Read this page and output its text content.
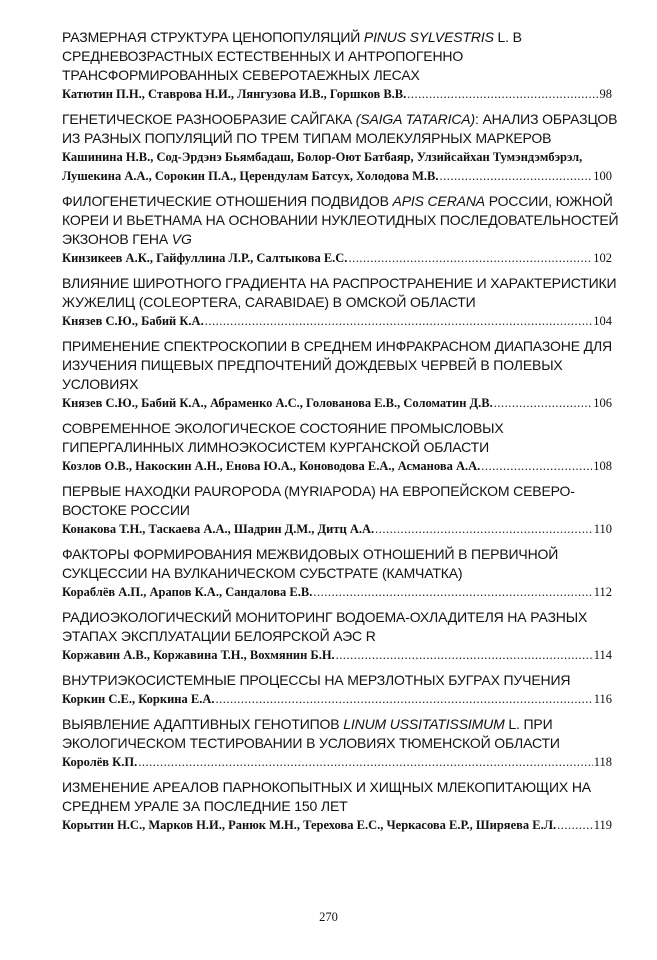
РАЗМЕРНАЯ СТРУКТУРА ЦЕНОПОПУЛЯЦИЙ PINUS SYLVESTRIS L. В
СРЕДНЕВОЗРАСТНЫХ ЕСТЕСТВЕННЫХ И АНТРОПОГЕННО
ТРАНСФОРМИРОВАННЫХ СЕВЕРОТАЕЖНЫХ ЛЕСАХ
Катютин П.Н., Ставрова Н.И., Лянгузова И.В., Горшков В.В. .....	98
ГЕНЕТИЧЕСКОЕ РАЗНООБРАЗИЕ САЙГАКА (SAIGA TATARICA): АНАЛИЗ ОБРАЗЦОВ
ИЗ РАЗНЫХ ПОПУЛЯЦИЙ ПО ТРЕМ ТИПАМ МОЛЕКУЛЯРНЫХ МАРКЕРОВ
Кашинина Н.В., Сод-Эрдэнэ Бьямбадаш, Болор-Оют Батбаяр, Улзийсайхан Тумэндэмбэрэл,
Лушекина А.А., Сорокин П.А., Церендулам Батсух, Холодова М.В. .....	100
ФИЛОГЕНЕТИЧЕСКИЕ ОТНОШЕНИЯ ПОДВИДОВ APIS CERANA РОССИИ, ЮЖНОЙ
КОРЕИ И ВЬЕТНАМА НА ОСНОВАНИИ НУКЛЕОТИДНЫХ ПОСЛЕДОВАТЕЛЬНОСТЕЙ
ЭКЗОНОВ ГЕНА VG
Кинзикеев А.К., Гайфуллина Л.Р., Салтыкова Е.С. .....	102
ВЛИЯНИЕ ШИРОТНОГО ГРАДИЕНТА НА РАСПРОСТРАНЕНИЕ И ХАРАКТЕРИСТИКИ
ЖУЖЕЛИЦ (COLEOPTERA, CARABIDAE) В ОМСКОЙ ОБЛАСТИ
Князев С.Ю., Бабий К.А. .....	104
ПРИМЕНЕНИЕ СПЕКТРОСКОПИИ В СРЕДНЕМ ИНФРАКРАСНОМ ДИАПАЗОНЕ ДЛЯ
ИЗУЧЕНИЯ ПИЩЕВЫХ ПРЕДПОЧТЕНИЙ ДОЖДЕВЫХ ЧЕРВЕЙ В ПОЛЕВЫХ
УСЛОВИЯХ
Князев С.Ю., Бабий К.А., Абраменко А.С., Голованова Е.В., Соломатин Д.В. .....	106
СОВРЕМЕННОЕ ЭКОЛОГИЧЕСКОЕ СОСТОЯНИЕ ПРОМЫСЛОВЫХ
ГИПЕРГАЛИННЫХ ЛИМНОЭКОСИСТЕМ КУРГАНСКОЙ ОБЛАСТИ
Козлов О.В., Накоскин А.Н., Енова Ю.А., Коноводова Е.А., Асманова А.А. .....	108
ПЕРВЫЕ НАХОДКИ PAUROPODA (MYRIAPODA) НА ЕВРОПЕЙСКОМ СЕВЕРО-
ВОСТОКЕ РОССИИ
Конакова Т.Н., Таскаева А.А., Шадрин Д.М., Дитц А.А. .....	110
ФАКТОРЫ ФОРМИРОВАНИЯ МЕЖВИДОВЫХ ОТНОШЕНИЙ В ПЕРВИЧНОЙ
СУКЦЕССИИ НА ВУЛКАНИЧЕСКОМ СУБСТРАТЕ (КАМЧАТКА)
Кораблёв А.П., Арапов К.А., Сандалова Е.В. .....	112
РАДИОЭКОЛОГИЧЕСКИЙ МОНИТОРИНГ ВОДОЕМА-ОХЛАДИТЕЛЯ НА РАЗНЫХ
ЭТАПАХ ЭКСПЛУАТАЦИИ БЕЛОЯРСКОЙ АЭС R
Коржавин А.В., Коржавина Т.Н., Вохмянин Б.Н. .....	114
ВНУТРИЭКОСИСТЕМНЫЕ ПРОЦЕССЫ НА МЕРЗЛОТНЫХ БУГРАХ ПУЧЕНИЯ
Коркин С.Е., Коркина Е.А. .....	116
ВЫЯВЛЕНИЕ АДАПТИВНЫХ ГЕНОТИПОВ LINUM USSITATISSIMUM L. ПРИ
ЭКОЛОГИЧЕСКОМ ТЕСТИРОВАНИИ В УСЛОВИЯХ ТЮМЕНСКОЙ ОБЛАСТИ
Королёв К.П. .....	118
ИЗМЕНЕНИЕ АРЕАЛОВ ПАРНОКОПЫТНЫХ И ХИЩНЫХ МЛЕКОПИТАЮЩИХ НА
СРЕДНЕМ УРАЛЕ ЗА ПОСЛЕДНИЕ 150 ЛЕТ
Корытин Н.С., Марков Н.И., Ранюк М.Н., Терехова Е.С., Черкасова Е.Р., Ширяева Е.Л. .....	119
270
